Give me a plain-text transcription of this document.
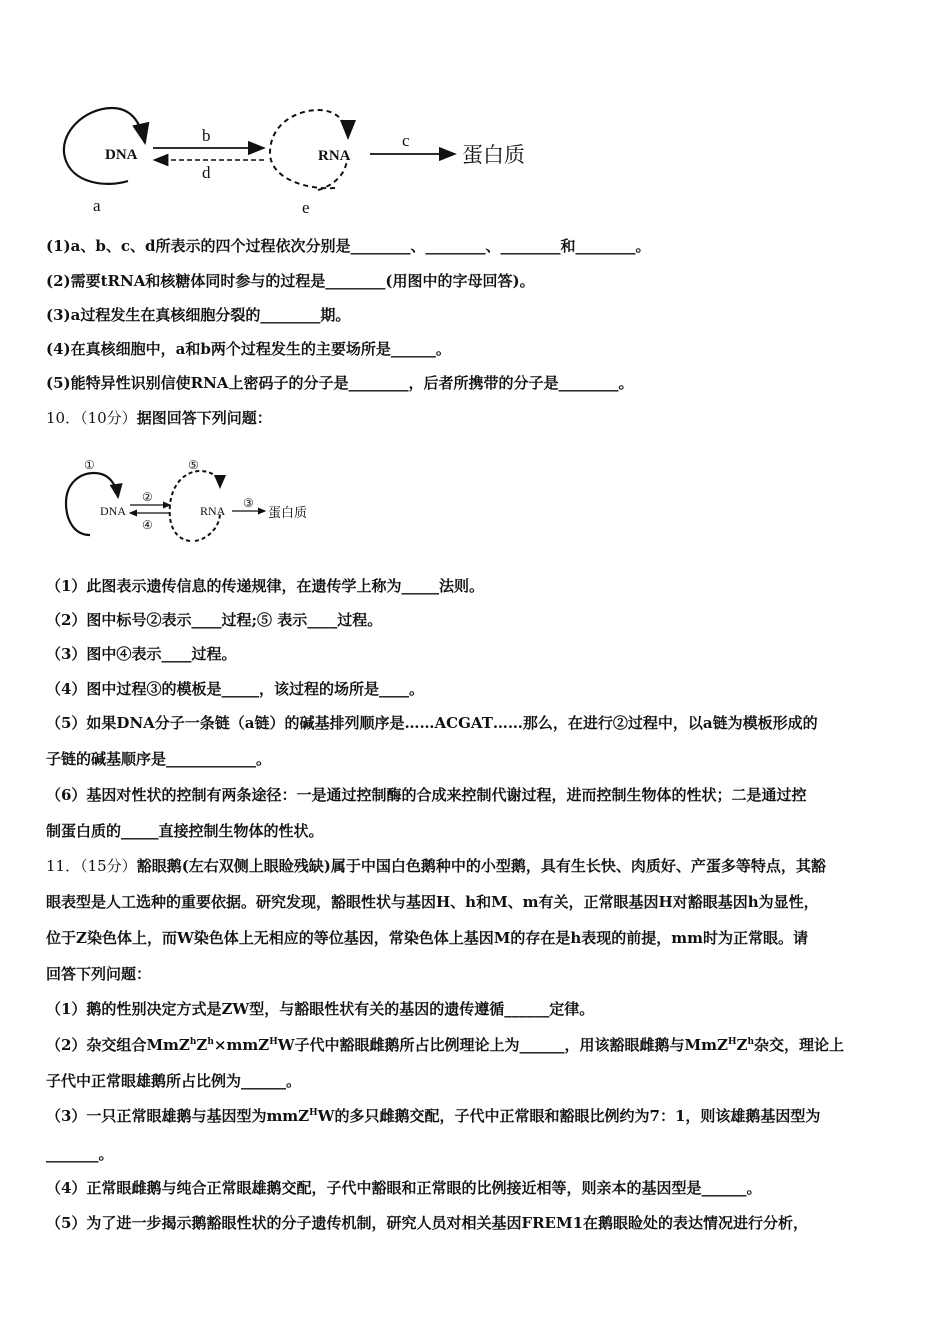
DNA
a
b
d
RNA
e
c
蛋白质
(1)a、b、c、d所表示的四个过程依次分别是________、________、________和________。
(2)需要tRNA和核糖体同时参与的过程是________(用图中的字母回答)。
(3)a过程发生在真核细胞分裂的________期。
(4)在真核细胞中，a和b两个过程发生的主要场所是______。
(5)能特异性识别信使RNA上密码子的分子是________，后者所携带的分子是________。
10．（10分）据图回答下列问题：
①
DNA
②
④
⑤
RNA
③
蛋白质
（1）此图表示遗传信息的传递规律，在遗传学上称为_____法则。
（2）图中标号②表示____过程;⑤ 表示____过程。
（3）图中④表示____过程。
（4）图中过程③的模板是_____，该过程的场所是____。
（5）如果DNA分子一条链（a链）的碱基排列顺序是……ACGAT……那么，在进行②过程中，以a链为模板形成的
子链的碱基顺序是____________。
（6）基因对性状的控制有两条途径：一是通过控制酶的合成来控制代谢过程，进而控制生物体的性状；二是通过控
制蛋白质的_____直接控制生物体的性状。
11．（15分）豁眼鹅(左右双侧上眼睑残缺)属于中国白色鹅种中的小型鹅，具有生长快、肉质好、产蛋多等特点，其豁
眼表型是人工选种的重要依据。研究发现，豁眼性状与基因H、h和M、m有关，正常眼基因H对豁眼基因h为显性，
位于Z染色体上，而W染色体上无相应的等位基因，常染色体上基因M的存在是h表现的前提，mm时为正常眼。请
回答下列问题：
（1）鹅的性别决定方式是ZW型，与豁眼性状有关的基因的遗传遵循______定律。
（2）杂交组合$MmZ^hZ^h\times mmZ^HW$子代中豁眼雌鹅所占比例理论上为______，用该豁眼雌鹅与$MmZ^HZ^h$杂交，理论上
子代中正常眼雄鹅所占比例为______。
（3）一只正常眼雄鹅与基因型为mmZ$^H$W的多只雌鹅交配，子代中正常眼和豁眼比例约为7：1，则该雄鹅基因型为
_______。
（4）正常眼雌鹅与纯合正常眼雄鹅交配，子代中豁眼和正常眼的比例接近相等，则亲本的基因型是______。
（5）为了进一步揭示鹅豁眼性状的分子遗传机制，研究人员对相关基因FREM1在鹅眼睑处的表达情况进行分析，
